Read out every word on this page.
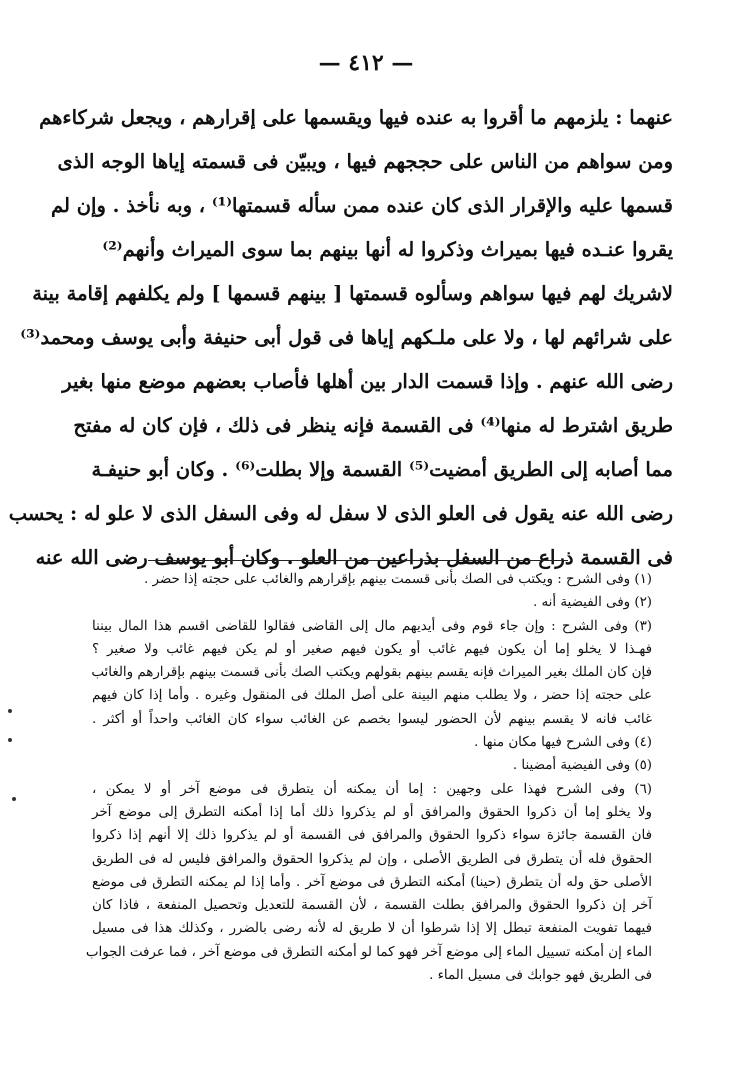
— ٤١٢ —
عنهما : يلزمهم ما أقروا به عنده فيها ويقسمها على إقرارهم ، ويجعل شركاءهم
ومن سواهم من الناس على حججهم فيها ، ويبيّن فى قسمته إياها الوجه الذى
قسمها عليه والإقرار الذى كان عنده ممن سأله قسمتها⁽¹⁾ ، وبه نأخذ . وإن لم
يقروا عنـده فيها بميراث وذكروا له أنها بينهم بما سوى الميراث وأنهم⁽²⁾
لاشريك لهم فيها سواهم وسألوه قسمتها [ بينهم قسمها ] ولم يكلفهم إقامة بينة
على شرائهم لها ، ولا على ملـكهم إياها فى قول أبى حنيفة وأبى يوسف ومحمد⁽³⁾
رضى الله عنهم . وإذا قسمت الدار بين أهلها فأصاب بعضهم موضع منها بغير
طريق اشترط له منها⁽⁴⁾ فى القسمة فإنه ينظر فى ذلك ، فإن كان له مفتح
مما أصابه إلى الطريق أمضيت⁽⁵⁾ القسمة وإلا بطلت⁽⁶⁾ . وكان أبو حنيفـة
رضى الله عنه يقول فى العلو الذى لا سفل له وفى السفل الذى لا علو له : يحسب
فى القسمة ذراع من السفل بذراعين من العلو . وكان أبو يوسف رضى الله عنه
(١) وفى الشرح : ويكتب فى الصك بأنى قسمت بينهم بإقرارهم والغائب على حجته إذا حضر .
(٢) وفى الفيضية أنه .
(٣) وفى الشرح : وإن جاء قوم وفى أيديهم مال إلى القاضى فقالوا للقاضى اقسم هذا المال بيننا
فهـذا لا يخلو إما أن يكون فيهم غائب أو يكون فيهم صغير أو لم يكن فيهم غائب ولا صغير ؟
فإن كان الملك بغير الميراث فإنه يقسم بينهم بقولهم ويكتب الصك بأنى قسمت بينهم بإقرارهم والغائب
على حجته إذا حضر ، ولا يطلب منهم البينة على أصل الملك فى المنقول وغيره . وأما إذا كان فيهم
غائب فانه لا يقسم بينهم لأن الحضور ليسوا بخصم عن الغائب سواء كان الغائب واحداً أو أكثر .
(٤) وفى الشرح فيها مكان منها .
(٥) وفى الفيضية أمضينا .
(٦) وفى الشرح فهذا على وجهين : إما أن يمكنه أن يتطرق فى موضع آخر أو لا يمكن ،
ولا يخلو إما أن ذكروا الحقوق والمرافق أو لم يذكروا ذلك أما إذا أمكنه التطرق إلى موضع آخر
فان القسمة جائزة سواء ذكروا الحقوق والمرافق فى القسمة أو لم يذكروا ذلك إلا أنهم إذا ذكروا
الحقوق فله أن يتطرق فى الطريق الأصلى ، وإن لم يذكروا الحقوق والمرافق فليس له فى الطريق
الأصلى حق وله أن يتطرق (حينا) أمكنه التطرق فى موضع آخر . وأما إذا لم يمكنه التطرق فى موضع
آخر إن ذكروا الحقوق والمرافق بطلت القسمة ، لأن القسمة للتعديل وتحصيل المنفعة ، فاذا كان
فيهما تفويت المنفعة تبطل إلا إذا شرطوا أن لا طريق له لأنه رضى بالضرر ، وكذلك هذا فى مسيل
الماء إن أمكنه تسييل الماء إلى موضع آخر فهو كما لو أمكنه التطرق فى موضع آخر ، فما عرفت الجواب
فى الطريق فهو جوابك فى مسيل الماء .
